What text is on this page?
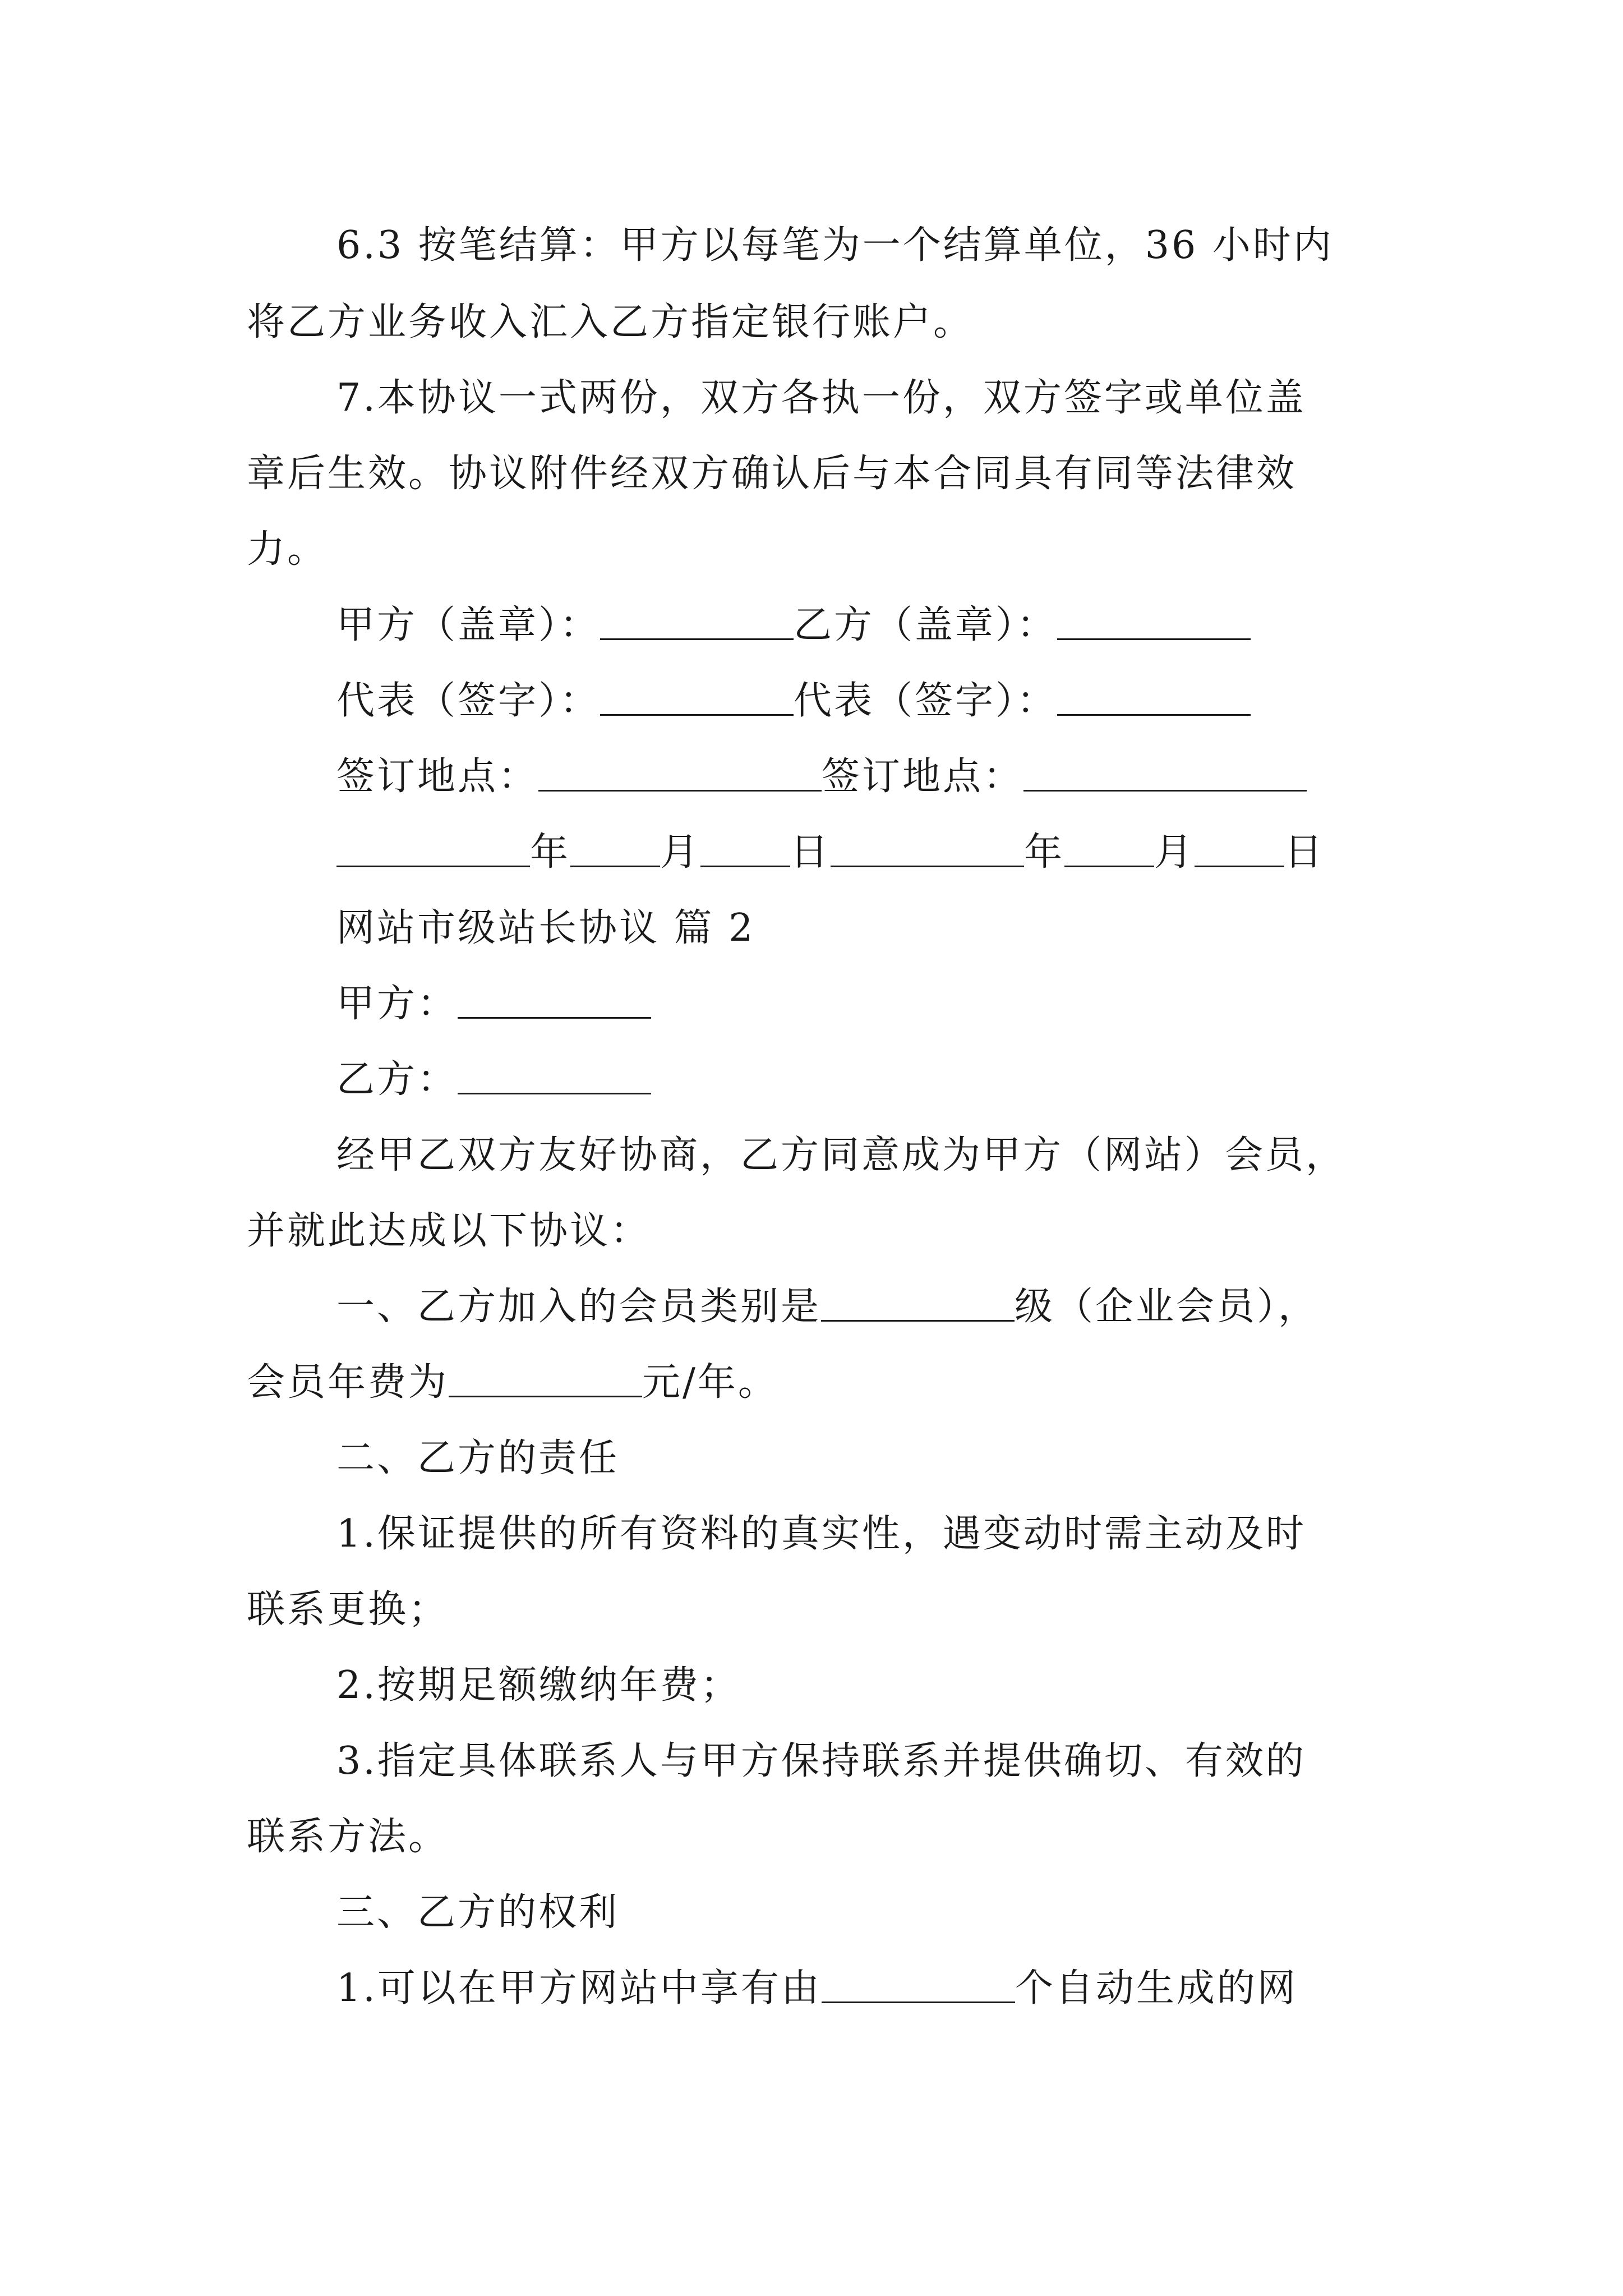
6.3 按笔结算：甲方以每笔为一个结算单位，36 小时内
将乙方业务收入汇入乙方指定银行账户。
7.本协议一式两份，双方各执一份，双方签字或单位盖
章后生效。协议附件经双方确认后与本合同具有同等法律效
力。
甲方（盖章）：	乙方（盖章）：
代表（签字）：	代表（签字）：
签订地点：	签订地点：
年 月 日	年 月 日
网站市级站长协议 篇 2
甲方：
乙方：
经甲乙双方友好协商，乙方同意成为甲方（网站）会员，
并就此达成以下协议：
一、乙方加入的会员类别是	级（企业会员），
会员年费为	元/年。
二、乙方的责任
1.保证提供的所有资料的真实性，遇变动时需主动及时
联系更换；
2.按期足额缴纳年费；
3.指定具体联系人与甲方保持联系并提供确切、有效的
联系方法。
三、乙方的权利
1.可以在甲方网站中享有由	个自动生成的网
